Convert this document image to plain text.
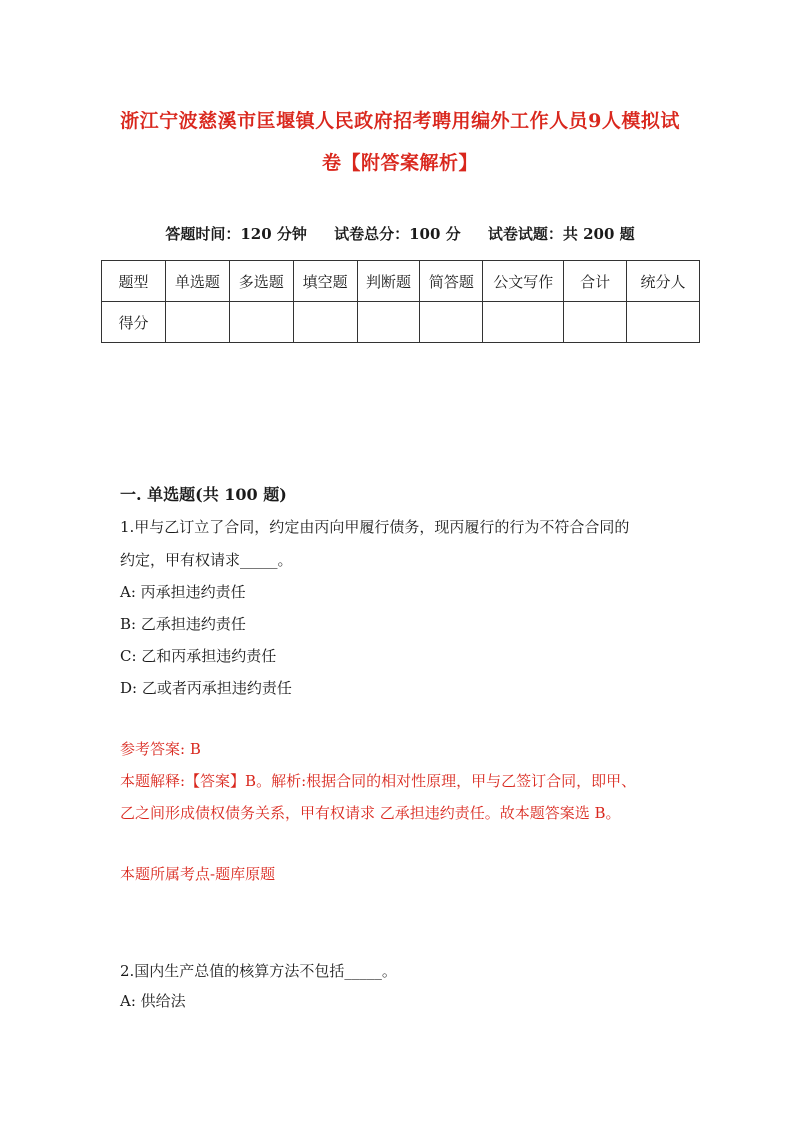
浙江宁波慈溪市匡堰镇人民政府招考聘用编外工作人员9人模拟试
卷【附答案解析】
答题时间：120 分钟 试卷总分：100 分 试卷试题：共 200 题
题型	单选题	多选题	填空题	判断题	简答题	公文写作	合计	统分人
得分								
一. 单选题(共 100 题)
1.甲与乙订立了合同，约定由丙向甲履行债务，现丙履行的行为不符合合同的
约定，甲有权请求_____。
A: 丙承担违约责任
B: 乙承担违约责任
C: 乙和丙承担违约责任
D: 乙或者丙承担违约责任
参考答案: B
本题解释:【答案】B。解析:根据合同的相对性原理，甲与乙签订合同，即甲、
乙之间形成债权债务关系，甲有权请求 乙承担违约责任。故本题答案选 B。
本题所属考点-题库原题
2.国内生产总值的核算方法不包括_____。
A: 供给法
